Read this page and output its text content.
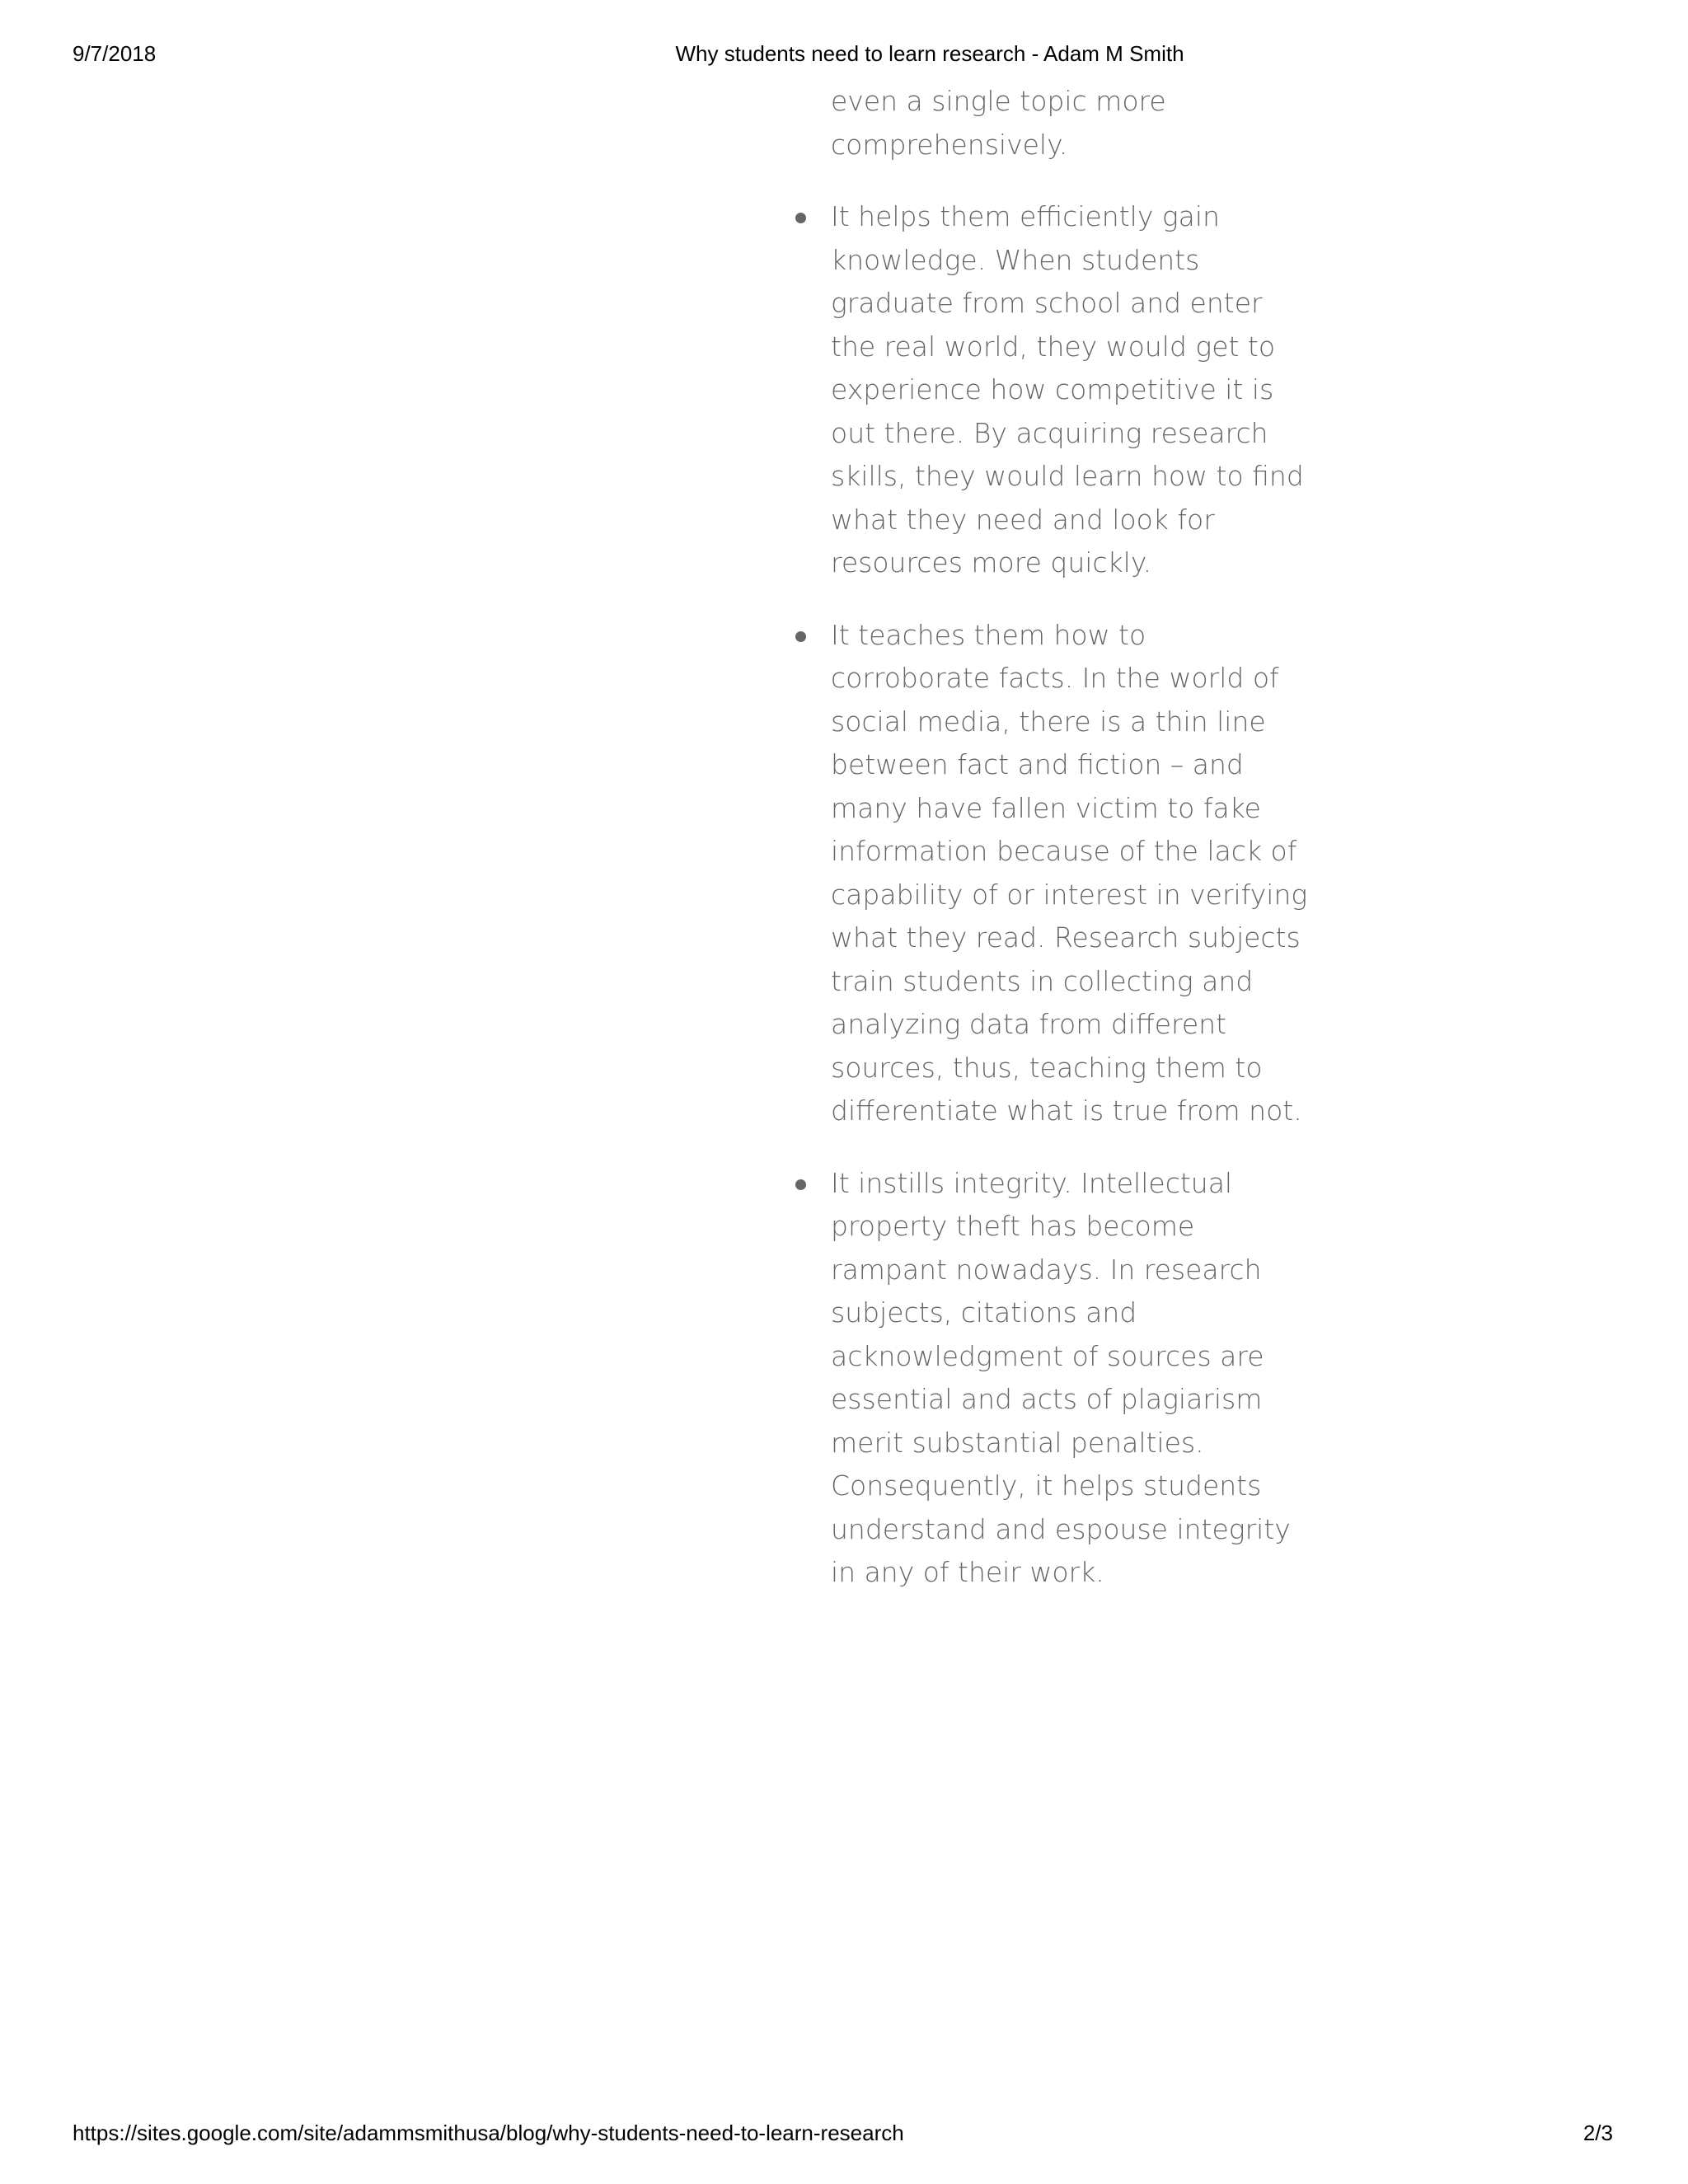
9/7/2018	Why students need to learn research - Adam M Smith

even a single topic more comprehensively.

It helps them efficiently gain knowledge. When students graduate from school and enter the real world, they would get to experience how competitive it is out there. By acquiring research skills, they would learn how to find what they need and look for resources more quickly.
It teaches them how to corroborate facts. In the world of social media, there is a thin line between fact and fiction – and many have fallen victim to fake information because of the lack of capability of or interest in verifying what they read. Research subjects train students in collecting and analyzing data from different sources, thus, teaching them to differentiate what is true from not.
It instills integrity. Intellectual property theft has become rampant nowadays. In research subjects, citations and acknowledgment of sources are essential and acts of plagiarism merit substantial penalties. Consequently, it helps students understand and espouse integrity in any of their work.
https://sites.google.com/site/adammsmithusa/blog/why-students-need-to-learn-research	2/3
